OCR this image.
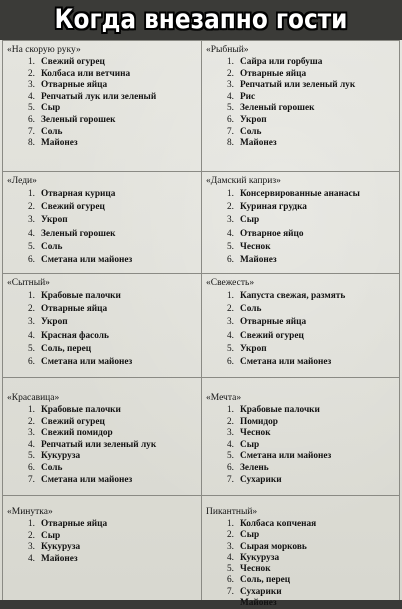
Когда внезапно гости
«На скорую руку»
1. Свежий огурец
2. Колбаса или ветчина
3. Отварные яйца
4. Репчатый лук или зеленый
5. Сыр
6. Зеленый горошек
7. Соль
8. Майонез
«Рыбный»
1. Сайра или горбуша
2. Отварные яйца
3. Репчатый или зеленый лук
4. Рис
5. Зеленый горошек
6. Укроп
7. Соль
8. Майонез
«Леди»
1. Отварная курица
2. Свежий огурец
3. Укроп
4. Зеленый горошек
5. Соль
6. Сметана или майонез
«Дамский каприз»
1. Консервированные ананасы
2. Куриная грудка
3. Сыр
4. Отварное яйцо
5. Чеснок
6. Майонез
«Сытный»
1. Крабовые палочки
2. Отварные яйца
3. Укроп
4. Красная фасоль
5. Соль, перец
6. Сметана или майонез
«Свежесть»
1. Капуста свежая, размять
2. Соль
3. Отварные яйца
4. Свежий огурец
5. Укроп
6. Сметана или майонез
«Красавица»
1. Крабовые палочки
2. Свежий огурец
3. Свежий помидор
4. Репчатый или зеленый лук
5. Кукуруза
6. Соль
7. Сметана или майонез
«Мечта»
1. Крабовые палочки
2. Помидор
3. Чеснок
4. Сыр
5. Сметана или майонез
6. Зелень
7. Сухарики
«Минутка»
1. Отварные яйца
2. Сыр
3. Кукуруза
4. Майонез
Пикантный»
1. Колбаса копченая
2. Сыр
3. Сырая морковь
4. Кукуруза
5. Чеснок
6. Соль, перец
7. Сухарики
Майонез
